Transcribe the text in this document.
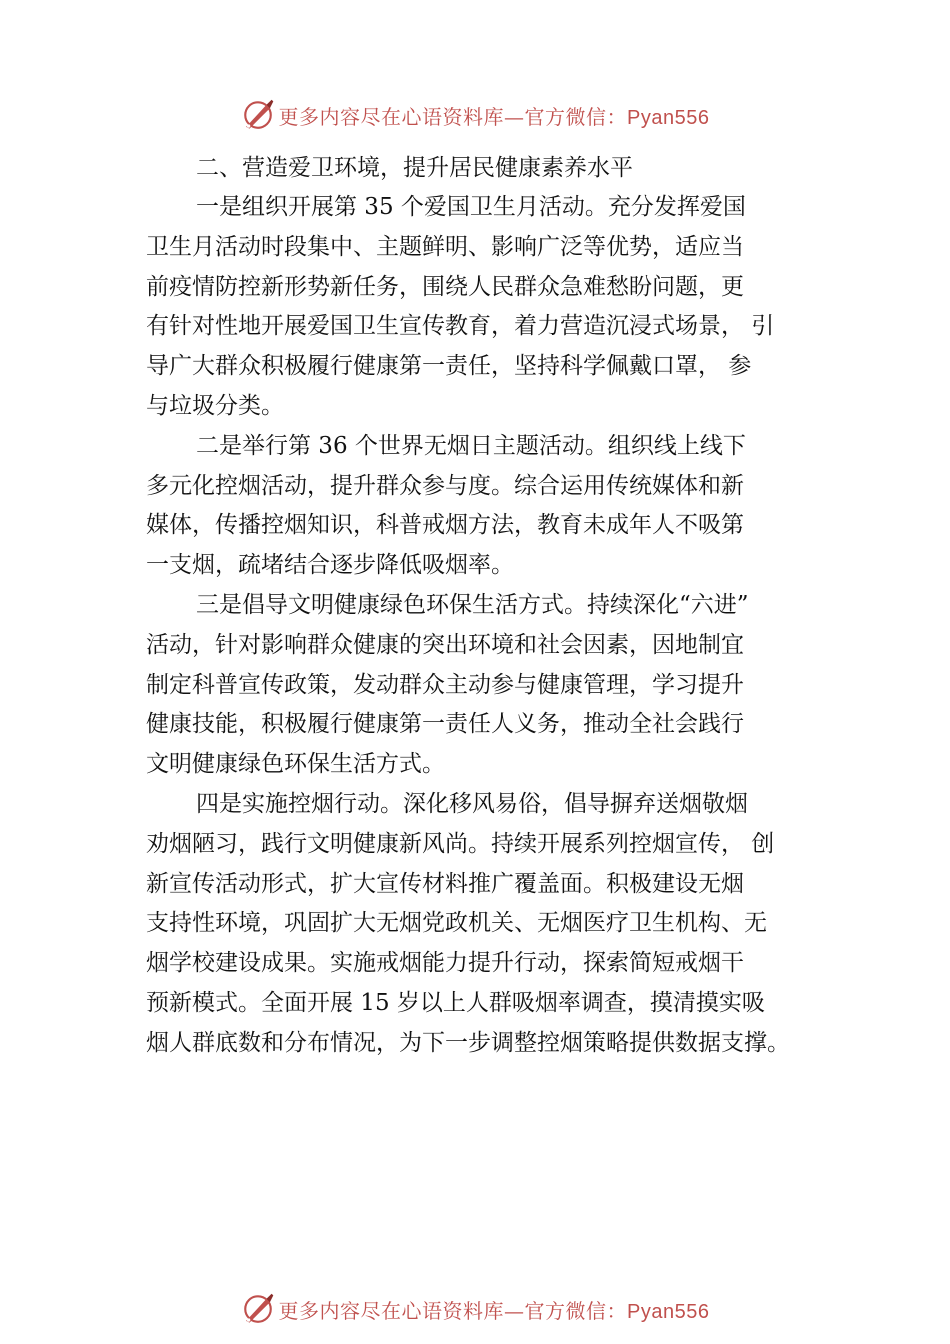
更多内容尽在心语资料库—官方微信：Pyan556
二、营造爱卫环境，提升居民健康素养水平

一是组织开展第 35 个爱国卫生月活动。充分发挥爱国
卫生月活动时段集中、主题鲜明、影响广泛等优势，适应当
前疫情防控新形势新任务，围绕人民群众急难愁盼问题，更
有针对性地开展爱国卫生宣传教育，着力营造沉浸式场景， 引
导广大群众积极履行健康第一责任，坚持科学佩戴口罩， 参
与垃圾分类。

二是举行第 36 个世界无烟日主题活动。组织线上线下
多元化控烟活动，提升群众参与度。综合运用传统媒体和新
媒体，传播控烟知识，科普戒烟方法，教育未成年人不吸第
一支烟，疏堵结合逐步降低吸烟率。

三是倡导文明健康绿色环保生活方式。持续深化“六进”
活动，针对影响群众健康的突出环境和社会因素，因地制宜
制定科普宣传政策，发动群众主动参与健康管理，学习提升
健康技能，积极履行健康第一责任人义务，推动全社会践行
文明健康绿色环保生活方式。

四是实施控烟行动。深化移风易俗，倡导摒弃送烟敬烟
劝烟陋习，践行文明健康新风尚。持续开展系列控烟宣传， 创
新宣传活动形式，扩大宣传材料推广覆盖面。积极建设无烟
支持性环境，巩固扩大无烟党政机关、无烟医疗卫生机构、无
烟学校建设成果。实施戒烟能力提升行动，探索简短戒烟干
预新模式。全面开展 15 岁以上人群吸烟率调查，摸清摸实吸
烟人群底数和分布情况，为下一步调整控烟策略提供数据支撑。

更多内容尽在心语资料库—官方微信：Pyan556
